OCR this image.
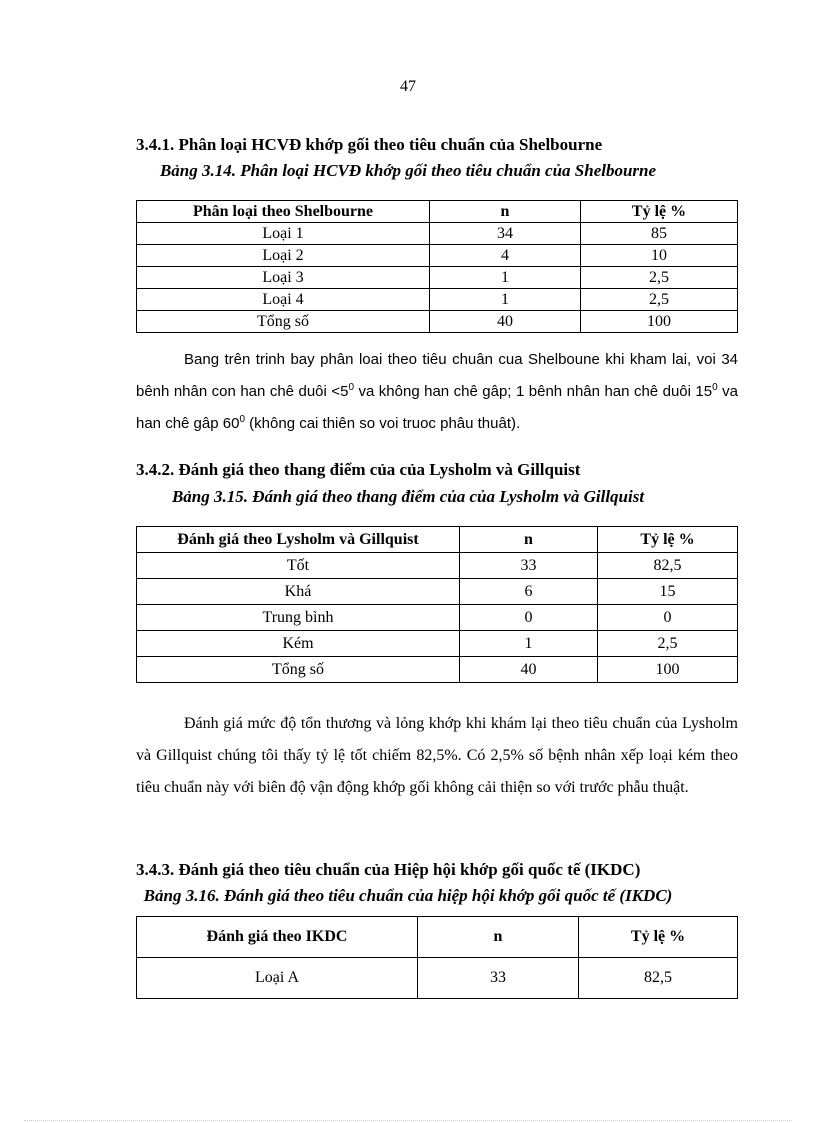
47
3.4.1. Phân loại HCVĐ khớp gối theo tiêu chuẩn của Shelbourne
Bảng 3.14. Phân loại HCVĐ khớp gối theo tiêu chuẩn của Shelbourne
Phân loại theo Shelbourne	n	Tỷ lệ %
Loại 1	34	85
Loại 2	4	10
Loại 3	1	2,5
Loại 4	1	2,5
Tổng số	40	100

Bang trên trinh bay phân loai theo tiêu chuân cua Shelboune khi kham lai, voi 34 bênh nhân con han chê duôi $<5^0$ va không han chê gâp; 1 bênh nhân han chê duôi $15^0$ va han chê gâp $60^0$ (không cai thiên so voi truoc phâu thuât).

3.4.2. Đánh giá theo thang điểm của của Lysholm và Gillquist
Bảng 3.15. Đánh giá theo thang điểm của của Lysholm và Gillquist
Đánh giá theo Lysholm và Gillquist	n	Tỷ lệ %
Tốt	33	82,5
Khá	6	15
Trung bình	0	0
Kém	1	2,5
Tổng số	40	100

Đánh giá mức độ tổn thương và lỏng khớp khi khám lại theo tiêu chuẩn của Lysholm và Gillquist chúng tôi thấy tỷ lệ tốt chiếm 82,5%. Có 2,5% số bệnh nhân xếp loại kém theo tiêu chuẩn này với biên độ vận động khớp gối không cải thiện so với trước phẫu thuật.

3.4.3. Đánh giá theo tiêu chuẩn của Hiệp hội khớp gối quốc tế (IKDC)
Bảng 3.16. Đánh giá theo tiêu chuẩn của hiệp hội khớp gối quốc tế (IKDC)
Đánh giá theo IKDC	n	Tỷ lệ %
Loại A	33	82,5
